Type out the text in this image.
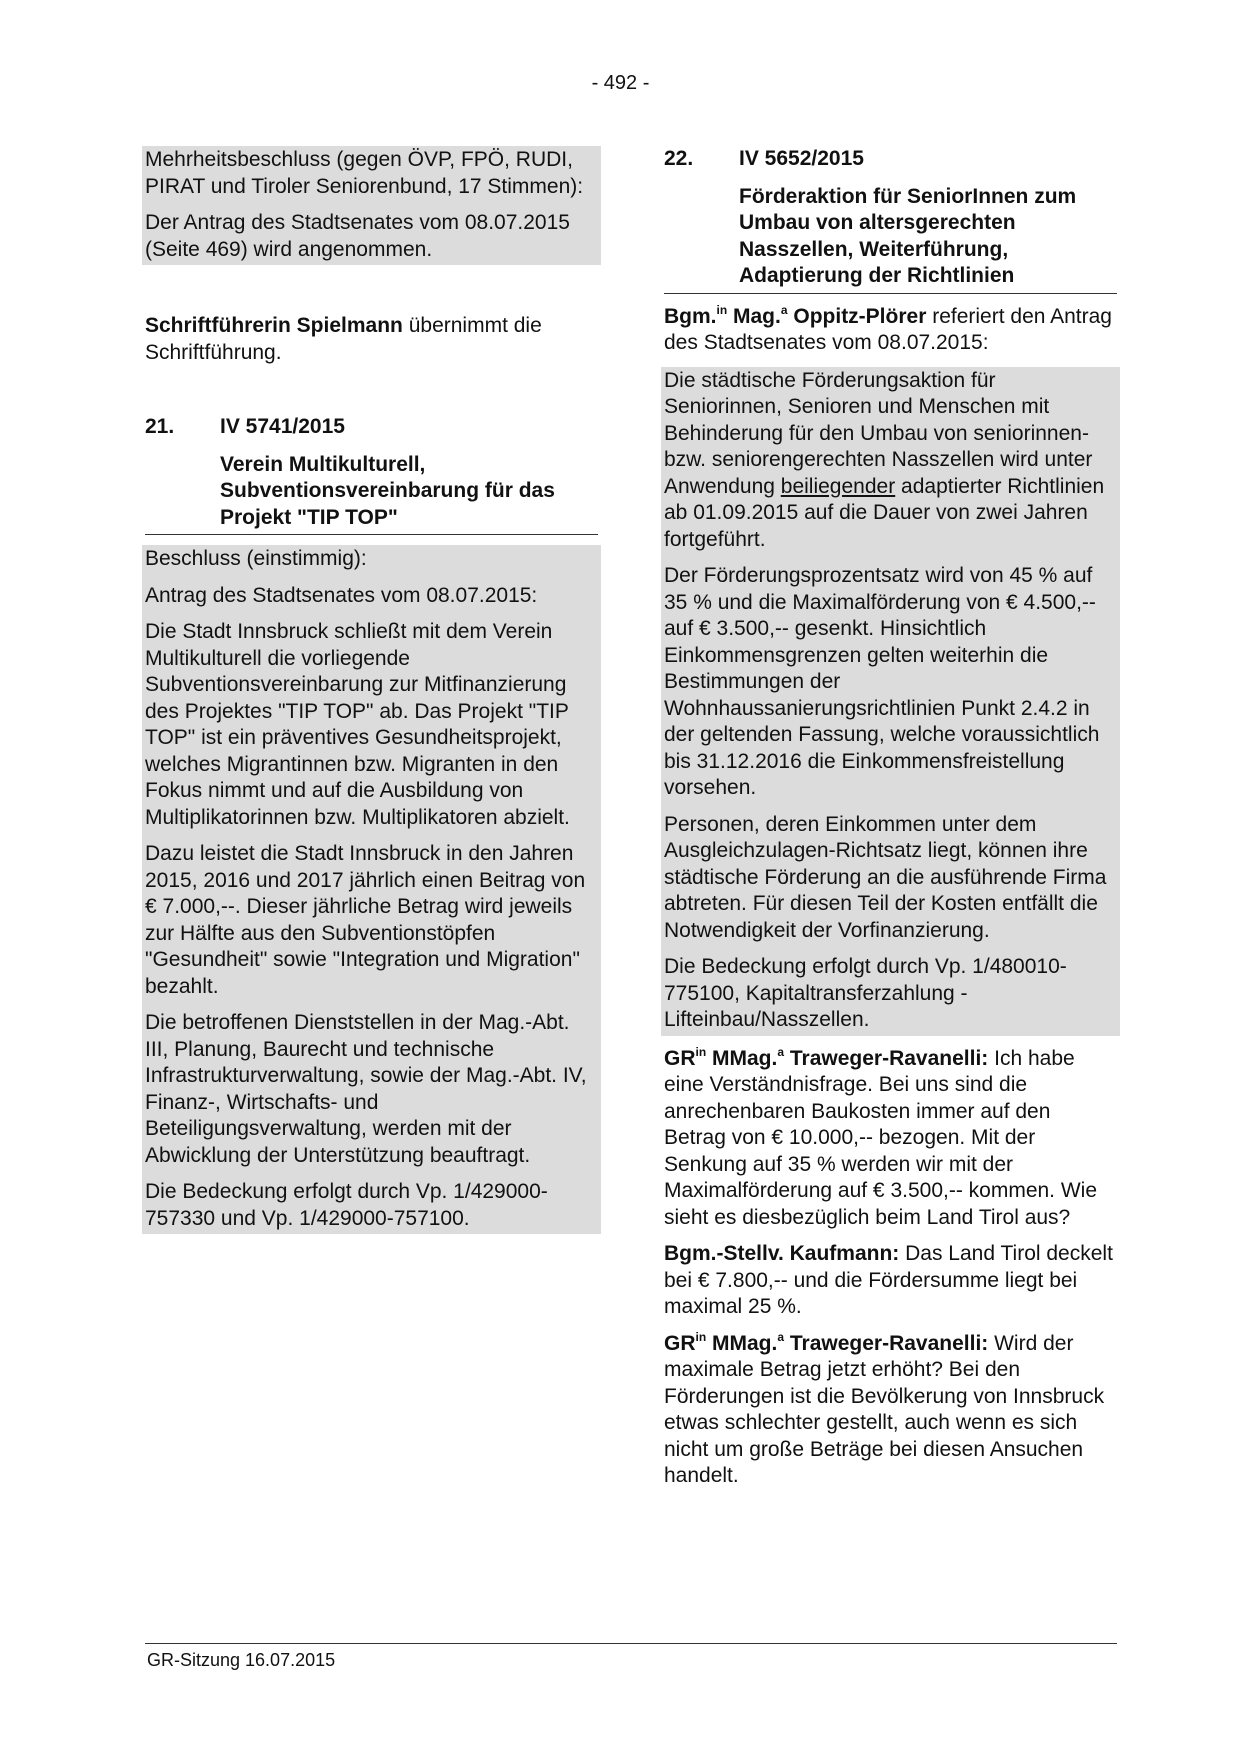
- 492 -

Mehrheitsbeschluss (gegen ÖVP, FPÖ, RUDI, PIRAT und Tiroler Seniorenbund, 17 Stimmen):

Der Antrag des Stadtsenates vom 08.07.2015 (Seite 469) wird angenommen.

Schriftführerin Spielmann übernimmt die Schriftführung.

21.	IV 5741/2015
Verein Multikulturell, Subventionsvereinbarung für das Projekt "TIP TOP"

Beschluss (einstimmig):

Antrag des Stadtsenates vom 08.07.2015:

Die Stadt Innsbruck schließt mit dem Verein Multikulturell die vorliegende Subventionsvereinbarung zur Mitfinanzierung des Projektes "TIP TOP" ab. Das Projekt "TIP TOP" ist ein präventives Gesundheitsprojekt, welches Migrantinnen bzw. Migranten in den Fokus nimmt und auf die Ausbildung von Multiplikatorinnen bzw. Multiplikatoren abzielt.

Dazu leistet die Stadt Innsbruck in den Jahren 2015, 2016 und 2017 jährlich einen Beitrag von € 7.000,--. Dieser jährliche Betrag wird jeweils zur Hälfte aus den Subventionstöpfen "Gesundheit" sowie "Integration und Migration" bezahlt.

Die betroffenen Dienststellen in der Mag.-Abt. III, Planung, Baurecht und technische Infrastrukturverwaltung, sowie der Mag.-Abt. IV, Finanz-, Wirtschafts- und Beteiligungsverwaltung, werden mit der Abwicklung der Unterstützung beauftragt.

Die Bedeckung erfolgt durch Vp. 1/429000-757330 und Vp. 1/429000-757100.

22.	IV 5652/2015
Förderaktion für SeniorInnen zum Umbau von altersgerechten Nasszellen, Weiterführung, Adaptierung der Richtlinien

Bgm.$^{in}$ Mag.$^a$ Oppitz-Plörer referiert den Antrag des Stadtsenates vom 08.07.2015:

Die städtische Förderungsaktion für Seniorinnen, Senioren und Menschen mit Behinderung für den Umbau von seniorinnen- bzw. seniorengerechten Nasszellen wird unter Anwendung beiliegender adaptierter Richtlinien ab 01.09.2015 auf die Dauer von zwei Jahren fortgeführt.

Der Förderungsprozentsatz wird von 45 % auf 35 % und die Maximalförderung von € 4.500,-- auf € 3.500,-- gesenkt. Hinsichtlich Einkommensgrenzen gelten weiterhin die Bestimmungen der Wohnhaussanierungsrichtlinien Punkt 2.4.2 in der geltenden Fassung, welche voraussichtlich bis 31.12.2016 die Einkommensfreistellung vorsehen.

Personen, deren Einkommen unter dem Ausgleichzulagen-Richtsatz liegt, können ihre städtische Förderung an die ausführende Firma abtreten. Für diesen Teil der Kosten entfällt die Notwendigkeit der Vorfinanzierung.

Die Bedeckung erfolgt durch Vp. 1/480010-775100, Kapitaltransferzahlung - Lifteinbau/Nasszellen.

$GR^{in}$ MMag.$^a$ Traweger-Ravanelli: Ich habe eine Verständnisfrage. Bei uns sind die anrechenbaren Baukosten immer auf den Betrag von € 10.000,-- bezogen. Mit der Senkung auf 35 % werden wir mit der Maximalförderung auf € 3.500,-- kommen. Wie sieht es diesbezüglich beim Land Tirol aus?

Bgm.-Stellv. Kaufmann: Das Land Tirol deckelt bei € 7.800,-- und die Fördersumme liegt bei maximal 25 %.

$GR^{in}$ MMag.$^a$ Traweger-Ravanelli: Wird der maximale Betrag jetzt erhöht? Bei den Förderungen ist die Bevölkerung von Innsbruck etwas schlechter gestellt, auch wenn es sich nicht um große Beträge bei diesen Ansuchen handelt.

GR-Sitzung 16.07.2015
